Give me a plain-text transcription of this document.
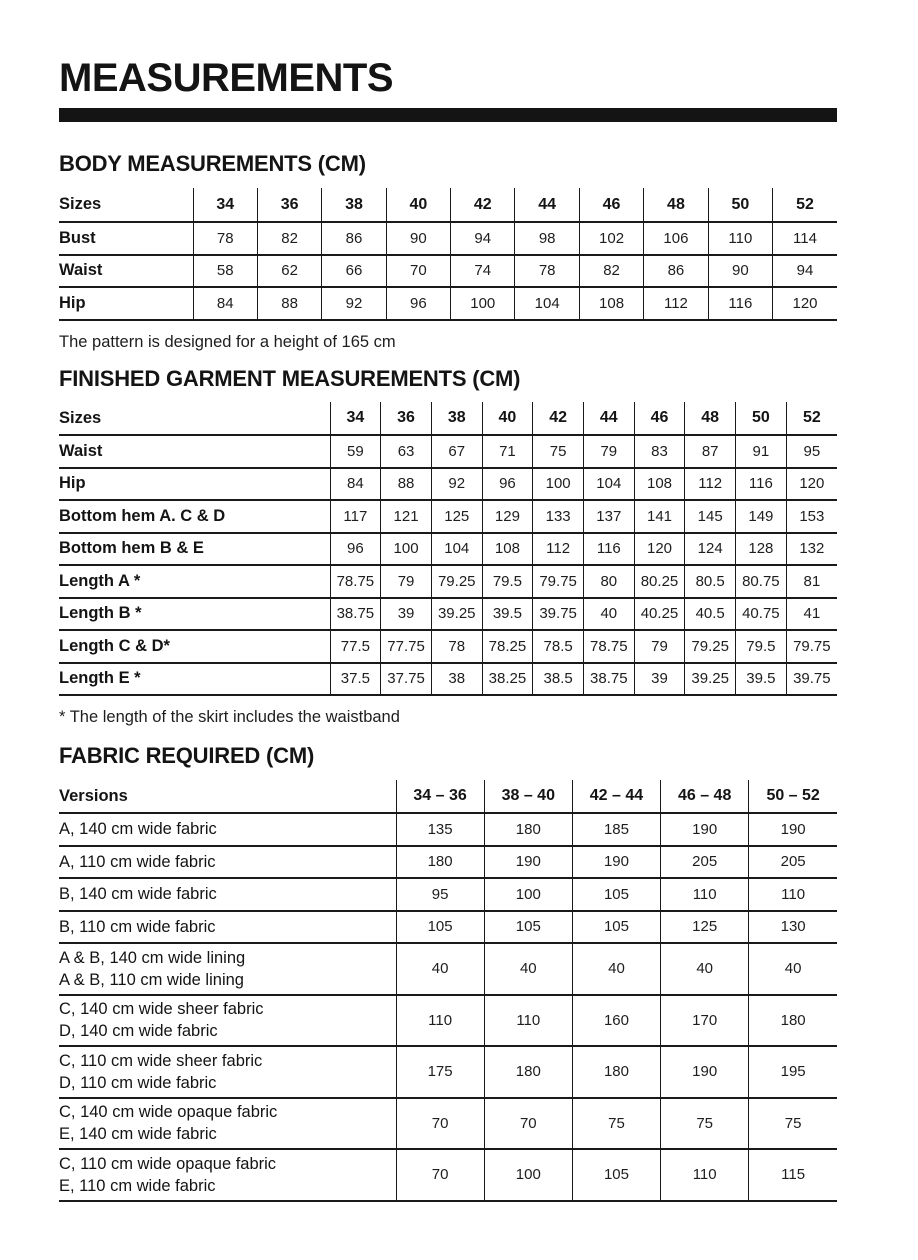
MEASUREMENTS
BODY MEASUREMENTS (CM)
Sizes	34	36	38	40	42	44	46	48	50	52
Bust	78	82	86	90	94	98	102	106	110	114
Waist	58	62	66	70	74	78	82	86	90	94
Hip	84	88	92	96	100	104	108	112	116	120
The pattern is designed for a height of 165 cm
FINISHED GARMENT MEASUREMENTS (CM)
Sizes	34	36	38	40	42	44	46	48	50	52
Waist	59	63	67	71	75	79	83	87	91	95
Hip	84	88	92	96	100	104	108	112	116	120
Bottom hem A. C & D	117	121	125	129	133	137	141	145	149	153
Bottom hem B & E	96	100	104	108	112	116	120	124	128	132
Length A *	78.75	79	79.25	79.5	79.75	80	80.25	80.5	80.75	81
Length B *	38.75	39	39.25	39.5	39.75	40	40.25	40.5	40.75	41
Length C & D*	77.5	77.75	78	78.25	78.5	78.75	79	79.25	79.5	79.75
Length E *	37.5	37.75	38	38.25	38.5	38.75	39	39.25	39.5	39.75
* The length of the skirt includes the waistband
FABRIC REQUIRED (CM)
Versions	34 – 36	38 – 40	42 – 44	46 – 48	50 – 52

A, 140 cm wide fabric	135	180	185	190	190

A, 110 cm wide fabric	180	190	190	205	205

B, 140 cm wide fabric	95	100	105	110	110

B, 110 cm wide fabric	105	105	105	125	130

A & B, 140 cm wide lining
A & B, 110 cm wide lining	40	40	40	40	40

C, 140 cm wide sheer fabric
D, 140 cm wide fabric	110	110	160	170	180

C, 110 cm wide sheer fabric
D, 110 cm wide fabric	175	180	180	190	195

C, 140 cm wide opaque fabric
E, 140 cm wide fabric	70	70	75	75	75

C, 110 cm wide opaque fabric
E, 110 cm wide fabric	70	100	105	110	115
